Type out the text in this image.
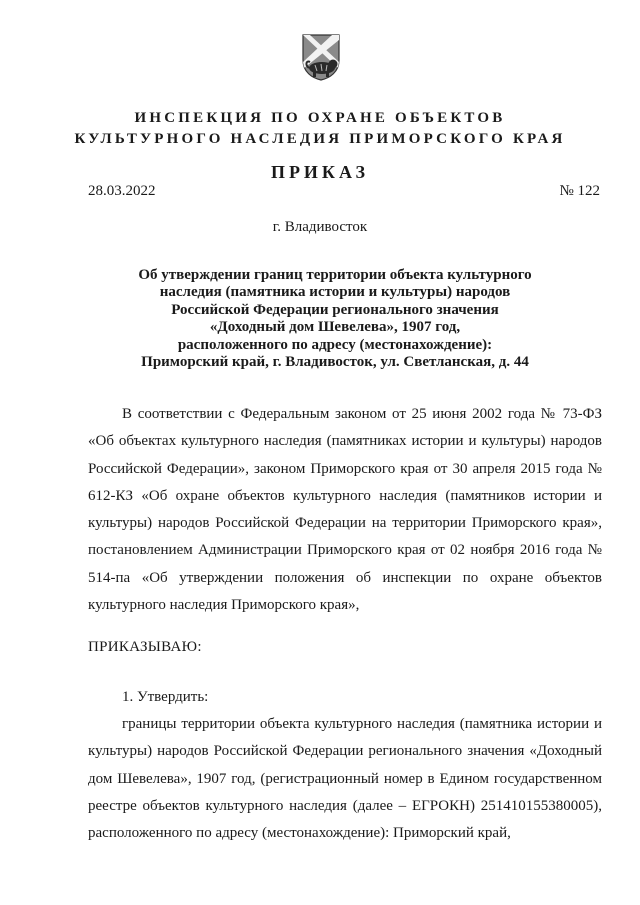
ИНСПЕКЦИЯ ПО ОХРАНЕ ОБЪЕКТОВ
КУЛЬТУРНОГО НАСЛЕДИЯ ПРИМОРСКОГО КРАЯ
ПРИКАЗ
28.03.2022	№ 122
г. Владивосток
Об утверждении границ территории объекта культурного
наследия (памятника истории и культуры) народов
Российской Федерации регионального значения
«Доходный дом Шевелева», 1907 год,
расположенного по адресу (местонахождение):
Приморский край, г. Владивосток, ул. Светланская, д. 44
В соответствии с Федеральным законом от 25 июня 2002 года № 73-ФЗ «Об объектах культурного наследия (памятниках истории и культуры) народов Российской Федерации», законом Приморского края от 30 апреля 2015 года № 612-КЗ «Об охране объектов культурного наследия (памятников истории и культуры) народов Российской Федерации на территории Приморского края», постановлением Администрации Приморского края от 02 ноября 2016 года № 514-па «Об утверждении положения об инспекции по охране объектов культурного наследия Приморского края»,
ПРИКАЗЫВАЮ:
1. Утвердить:
границы территории объекта культурного наследия (памятника истории и культуры) народов Российской Федерации регионального значения «Доходный дом Шевелева», 1907 год, (регистрационный номер в Едином государственном реестре объектов культурного наследия (далее – ЕГРОКН) 251410155380005), расположенного по адресу (местонахождение): Приморский край,
